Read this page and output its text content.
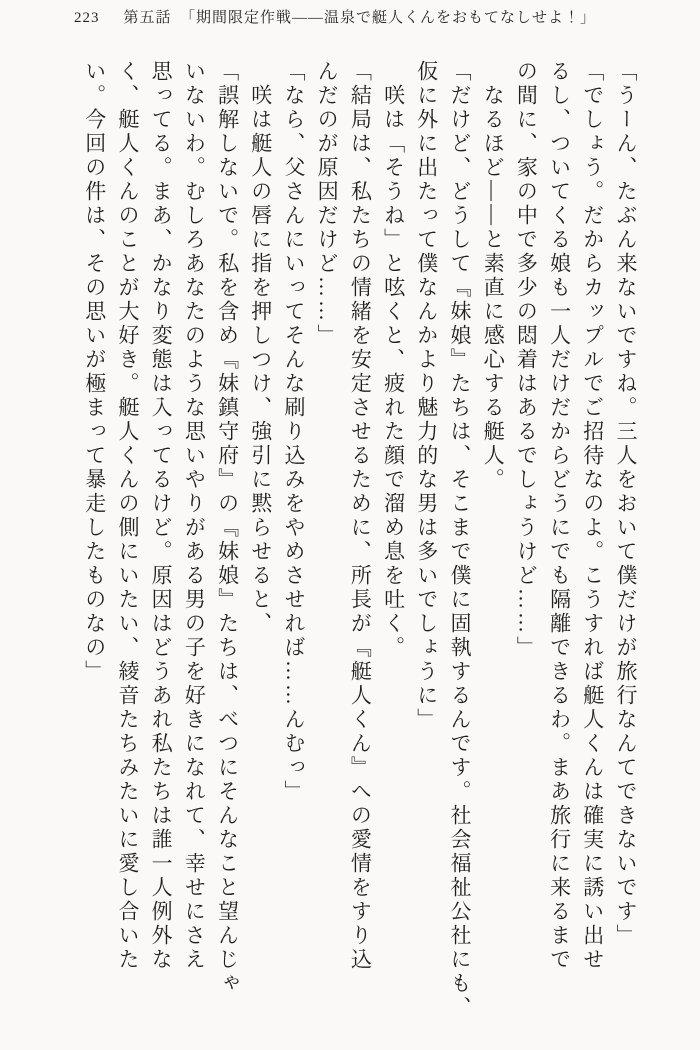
223 第五話　「期間限定作戦――温泉で艇人くんをおもてなしせよ！」

「うーん、たぶん来ないですね。三人をおいて僕だけが旅行なんてできないです」

「でしょう。だからカップルでご招待なのよ。こうすれば艇人くんは確実に誘い出せ

るし、ついてくる娘も一人だけだからどうにでも隔離できるわ。まあ旅行に来るまで

の間に、家の中で多少の悶着はあるでしょうけど……」

　なるほど――と素直に感心する艇人。

「だけど、どうして『妹娘』たちは、そこまで僕に固執するんです。社会福祉公社にも、

仮に外に出たって僕なんかより魅力的な男は多いでしょうに」

　咲は「そうね」と呟くと、疲れた顔で溜め息を吐く。

「結局は、私たちの情緒を安定させるために、所長が『艇人くん』への愛情をすり込

んだのが原因だけど……」

「なら、父さんにいってそんな刷り込みをやめさせれば……んむっ」

　咲は艇人の唇に指を押しつけ、強引に黙らせると、

「誤解しないで。私を含め『妹鎮守府』の『妹娘』たちは、べつにそんなこと望んじゃ

いないわ。むしろあなたのような思いやりがある男の子を好きになれて、幸せにさえ

思ってる。まあ、かなり変態は入ってるけど。原因はどうあれ私たちは誰一人例外な

く、艇人くんのことが大好き。艇人くんの側にいたい、綾音たちみたいに愛し合いた

い。今回の件は、その思いが極まって暴走したものなの」
